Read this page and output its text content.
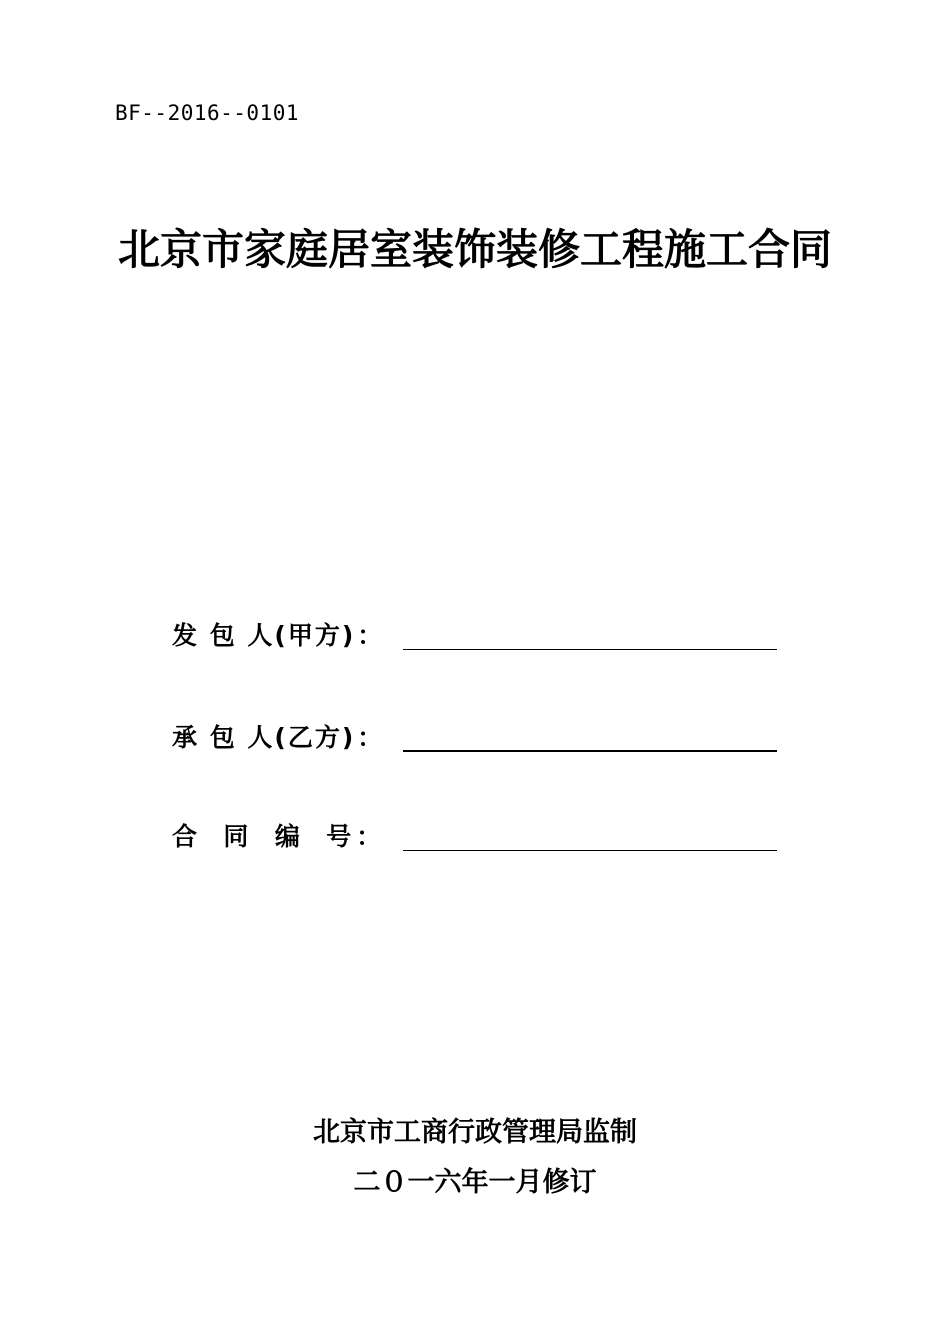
BF--2016--0101
北京市家庭居室装饰装修工程施工合同
发 包 人(甲方)：
承 包 人(乙方)：
合  同  编  号：
北京市工商行政管理局监制
二０一六年一月修订
